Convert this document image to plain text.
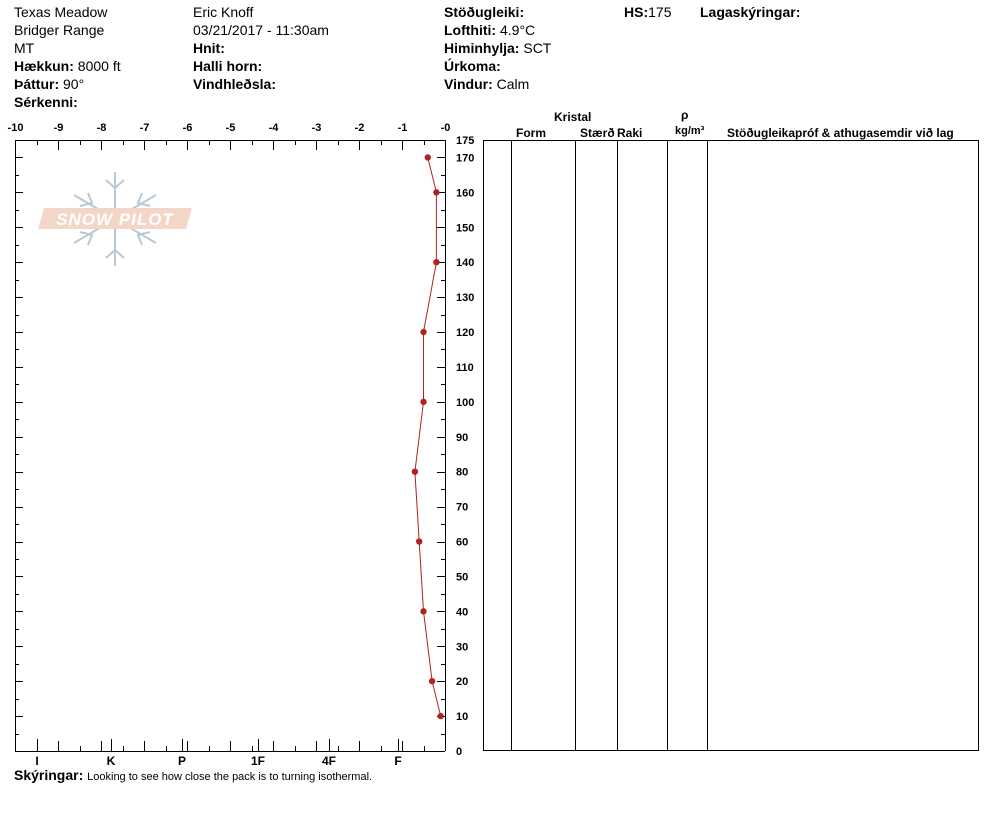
Texas Meadow
Bridger Range
MT
Hækkun: 8000 ft
Þáttur: 90°
Sérkenni:
Eric Knoff
03/21/2017 - 11:30am
Hnit:
Halli horn:
Vindhleðsla:
Stöðugleiki:
Lofthiti: 4.9°C
Himinhylja: SCT
Úrkoma:
Vindur: Calm
HS:175 Lagaskýringar:
Kristal
Form	Stærð Raki
ρ
kg/m³ Stöðugleikapróf & athugasemdir við lag
Skýringar: Looking to see how close the pack is to turning isothermal.
SNOW PILOT
-10	-9	-8	-7	-6	-5	-4	-3	-2	-1	-0
175
170
160
150
140
130
120
110
100
90
80
70
60
50
40
30
20
10
0
I	K	P	1F	4F	F
